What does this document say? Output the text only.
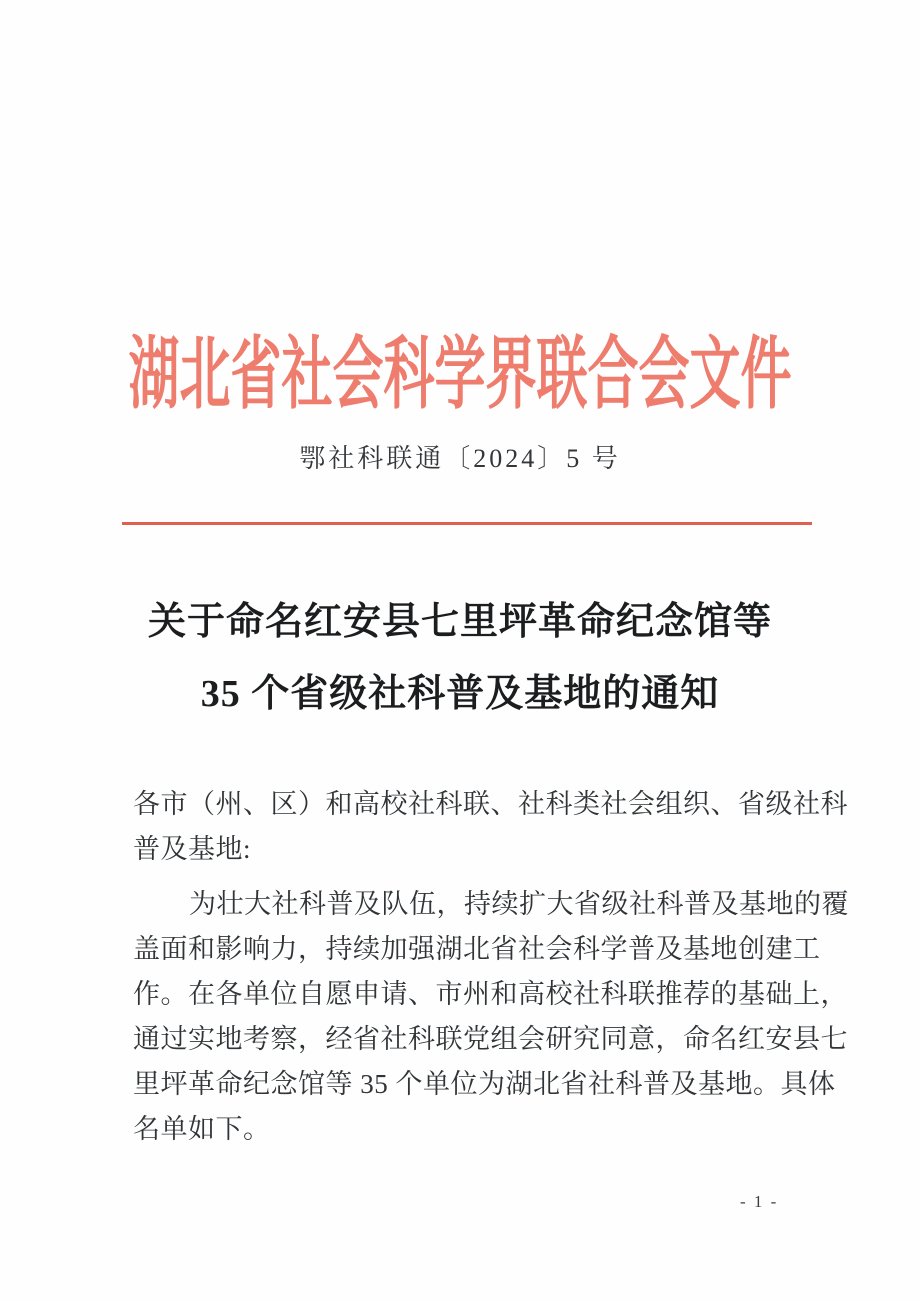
湖北省社会科学界联合会文件
鄂社科联通〔2024〕5 号
关于命名红安县七里坪革命纪念馆等
35 个省级社科普及基地的通知
各市（州、区）和高校社科联、社科类社会组织、省级社科
普及基地:
为壮大社科普及队伍，持续扩大省级社科普及基地的覆
盖面和影响力，持续加强湖北省社会科学普及基地创建工
作。在各单位自愿申请、市州和高校社科联推荐的基础上，
通过实地考察，经省社科联党组会研究同意，命名红安县七
里坪革命纪念馆等 35 个单位为湖北省社科普及基地。具体
名单如下。
- 1 -
